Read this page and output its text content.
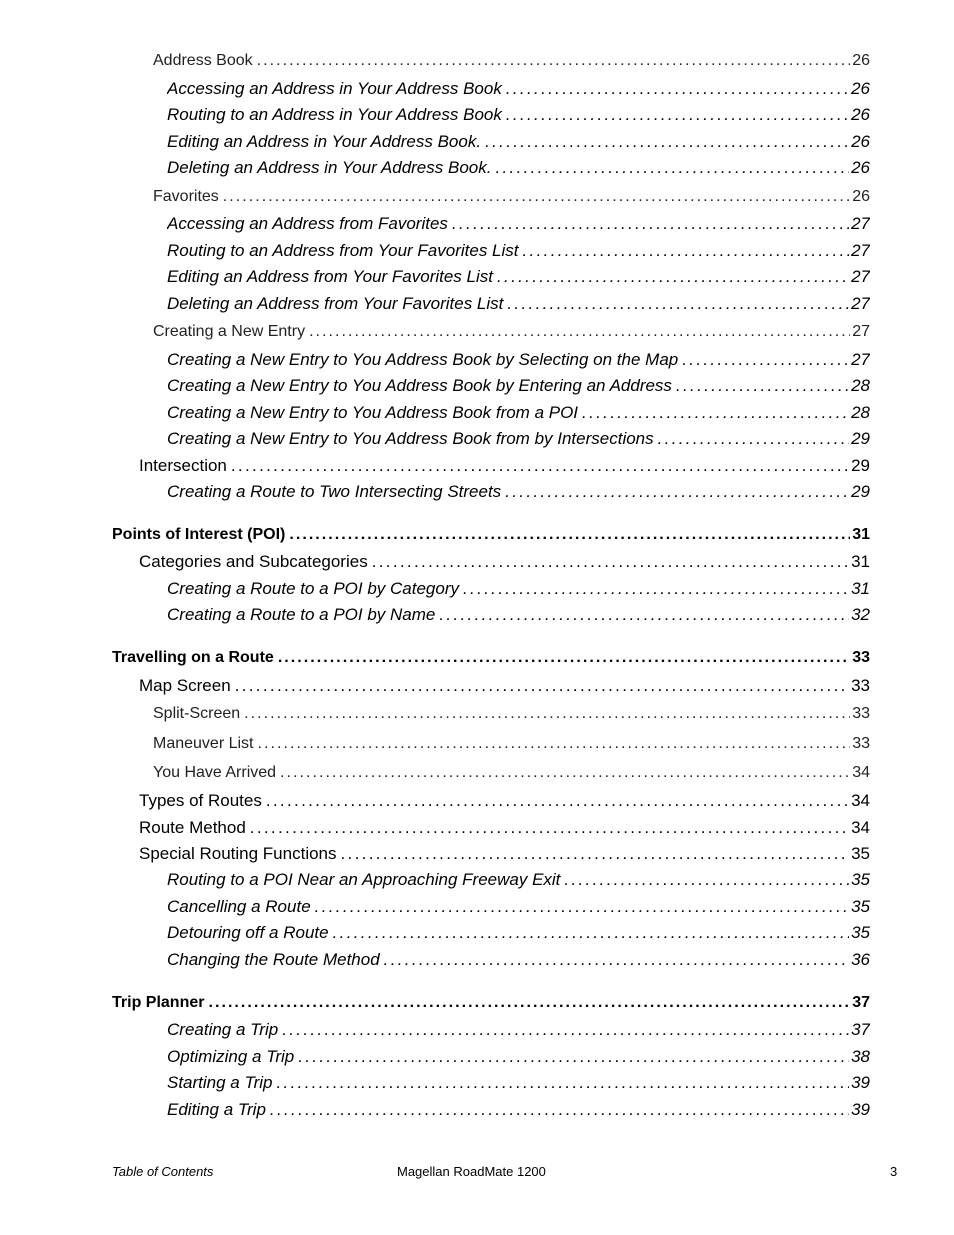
Address Book . . .	26
Accessing an Address in Your Address Book . . .	26
Routing to an Address in Your Address Book . . .	26
Editing an Address in Your Address Book. . . .	26
Deleting an Address in Your Address Book. . . .	26
Favorites . . .	26
Accessing an Address from Favorites . . .	27
Routing to an Address from Your Favorites List . . .	27
Editing an Address from Your Favorites List . . .	27
Deleting an Address from Your Favorites List . . .	27
Creating a New Entry . . .	27
Creating a New Entry to You Address Book by Selecting on the Map . . .	27
Creating a New Entry to You Address Book by Entering an Address . . .	28
Creating a New Entry to You Address Book from a POI . . .	28
Creating a New Entry to You Address Book from by Intersections . . .	29
Intersection . . .	29
Creating a Route to Two Intersecting Streets . . .	29
Points of Interest (POI) . . .	31
Categories and Subcategories . . .	31
Creating a Route to a POI by Category . . .	31
Creating a Route to a POI by Name . . .	32
Travelling on a Route . . .	33
Map Screen . . .	33
Split-Screen . . .	33
Maneuver List . . .	33
You Have Arrived . . .	34
Types of Routes . . .	34
Route Method . . .	34
Special Routing Functions . . .	35
Routing to a POI Near an Approaching Freeway Exit . . .	35
Cancelling a Route . . .	35
Detouring off a Route . . .	35
Changing the Route Method . . .	36
Trip Planner . . .	37
Creating a Trip . . .	37
Optimizing a Trip . . .	38
Starting a Trip . . .	39
Editing a Trip . . .	39
Table of Contents	Magellan RoadMate 1200	3
